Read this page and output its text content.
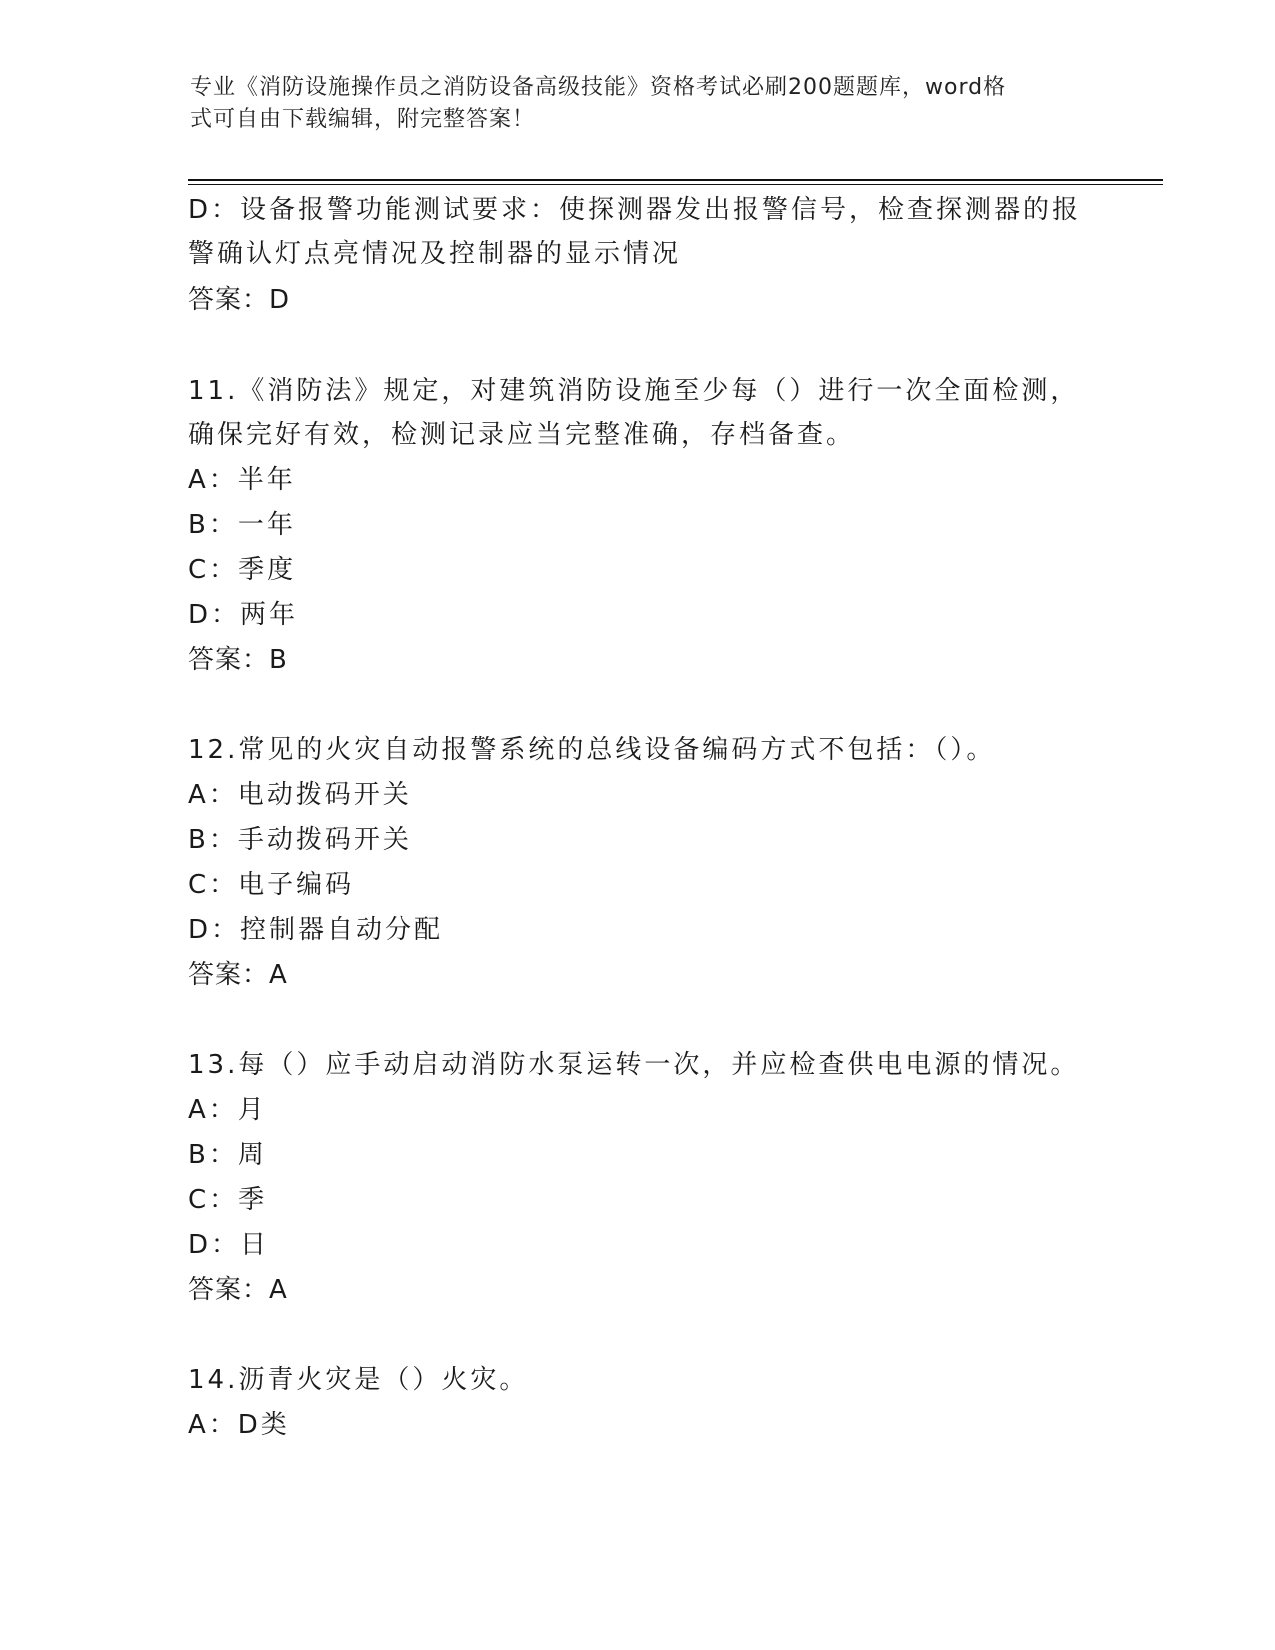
专业《消防设施操作员之消防设备高级技能》资格考试必刷200题题库，word格
式可自由下载编辑，附完整答案！
D：设备报警功能测试要求：使探测器发出报警信号，检查探测器的报
警确认灯点亮情况及控制器的显示情况
答案：D
11.《消防法》规定，对建筑消防设施至少每（）进行一次全面检测，
确保完好有效，检测记录应当完整准确，存档备查。
A：半年
B：一年
C：季度
D：两年
答案：B
12.常见的火灾自动报警系统的总线设备编码方式不包括：（）。
A：电动拨码开关
B：手动拨码开关
C：电子编码
D：控制器自动分配
答案：A
13.每（）应手动启动消防水泵运转一次，并应检查供电电源的情况。
A：月
B：周
C：季
D：日
答案：A
14.沥青火灾是（）火灾。
A：D类
